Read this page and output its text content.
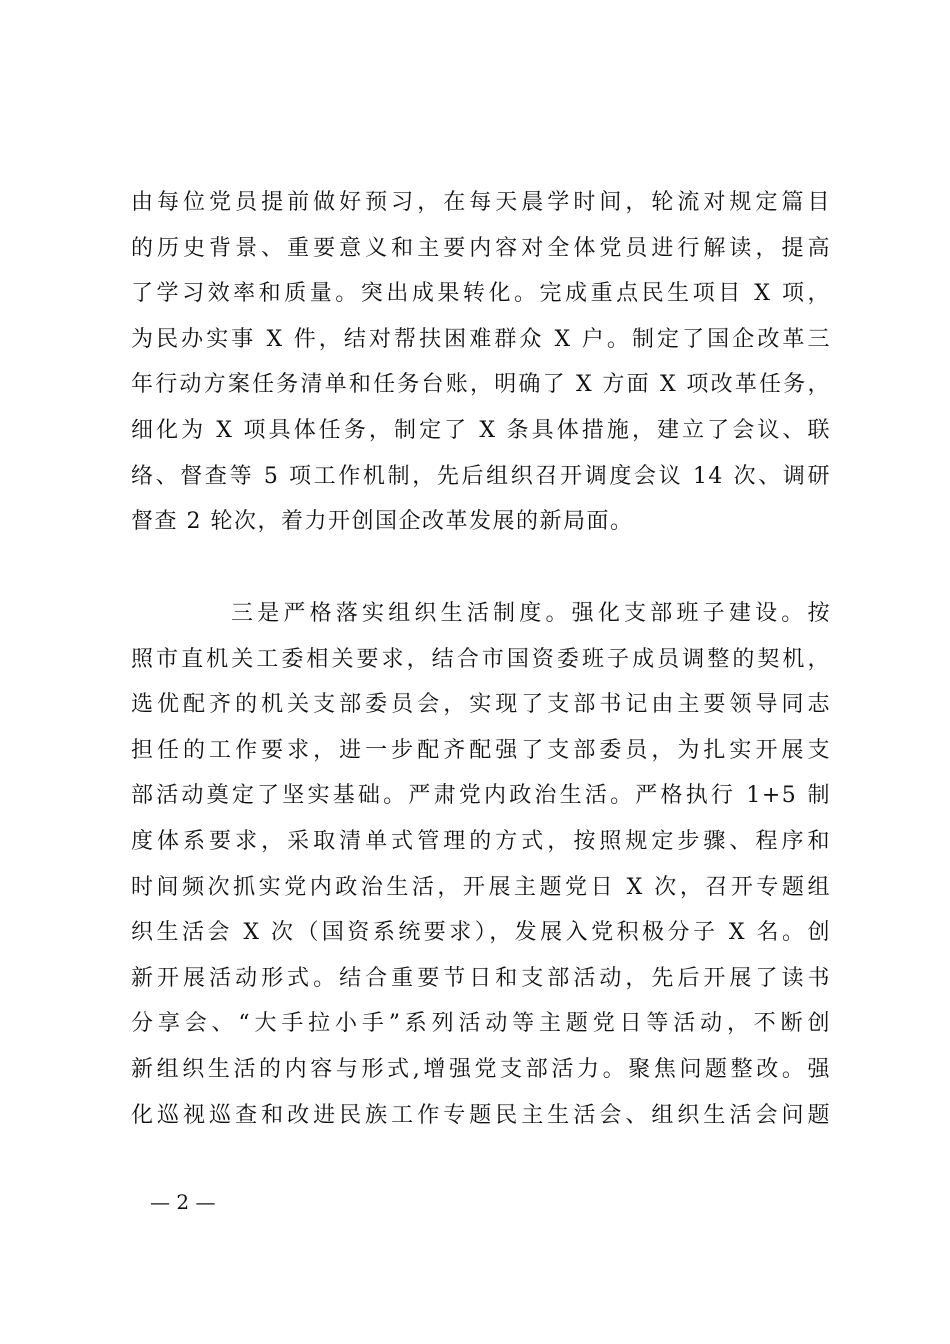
由每位党员提前做好预习，在每天晨学时间，轮流对规定篇目
的历史背景、重要意义和主要内容对全体党员进行解读，提高
了学习效率和质量。突出成果转化。完成重点民生项目 X 项，
为民办实事 X 件，结对帮扶困难群众 X 户。制定了国企改革三
年行动方案任务清单和任务台账，明确了 X 方面 X 项改革任务，
细化为 X 项具体任务，制定了 X 条具体措施，建立了会议、联
络、督查等 5 项工作机制，先后组织召开调度会议 14 次、调研
督查 2 轮次，着力开创国企改革发展的新局面。
三是严格落实组织生活制度。强化支部班子建设。按
照市直机关工委相关要求，结合市国资委班子成员调整的契机，
选优配齐的机关支部委员会，实现了支部书记由主要领导同志
担任的工作要求，进一步配齐配强了支部委员，为扎实开展支
部活动奠定了坚实基础。严肃党内政治生活。严格执行 1+5 制
度体系要求，采取清单式管理的方式，按照规定步骤、程序和
时间频次抓实党内政治生活，开展主题党日 X 次，召开专题组
织生活会 X 次（国资系统要求），发展入党积极分子 X 名。创
新开展活动形式。结合重要节日和支部活动，先后开展了读书
分享会、“大手拉小手”系列活动等主题党日等活动，不断创
新组织生活的内容与形式,增强党支部活力。聚焦问题整改。强
化巡视巡查和改进民族工作专题民主生活会、组织生活会问题
— 2 —
